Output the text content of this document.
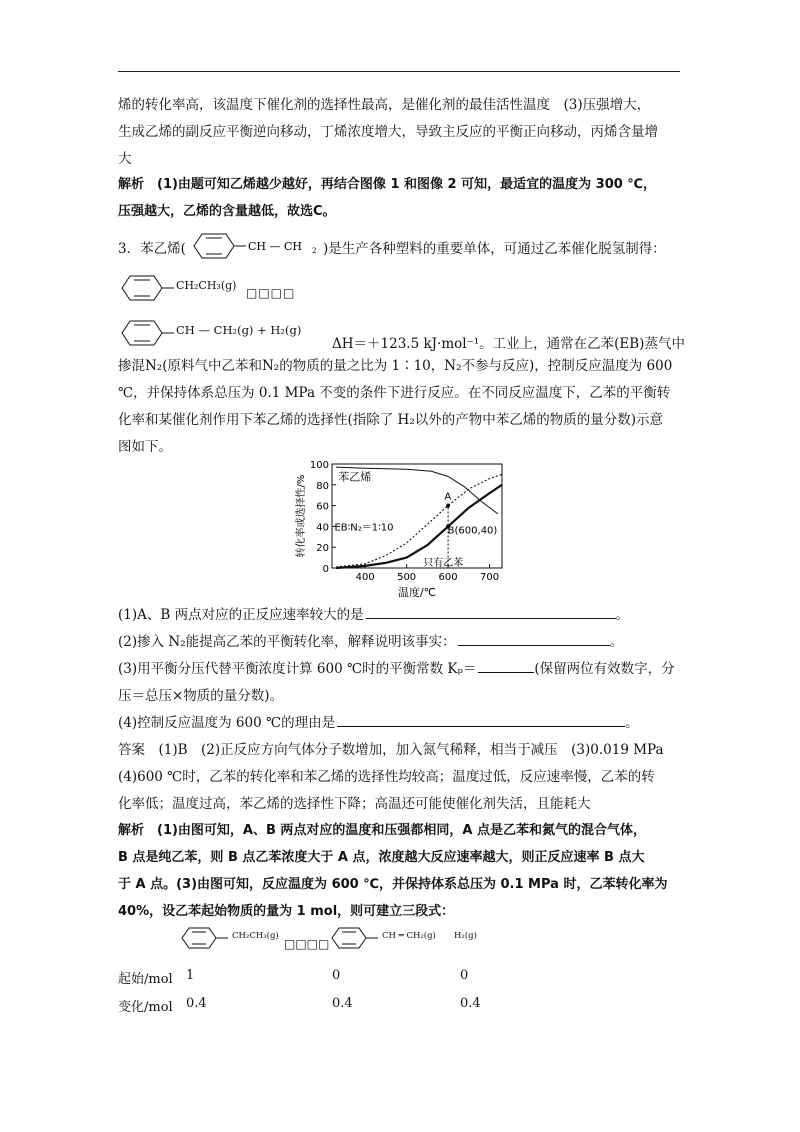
烯的转化率高，该温度下催化剂的选择性最高，是催化剂的最佳活性温度　(3)压强增大，
生成乙烯的副反应平衡逆向移动，丁烯浓度增大，导致主反应的平衡正向移动，丙烯含量增
大
解析　(1)由题可知乙烯越少越好，再结合图像 1 和图像 2 可知，最适宜的温度为 300 ℃，
压强越大，乙烯的含量越低，故选C。
3．苯乙烯(	CH — CH 2 )是生产各种塑料的重要单体，可通过乙苯催化脱氢制得：
CH₂CH₃(g)
□□□□
CH — CH₂(g) + H₂(g)
ΔH＝＋123.5 kJ·mol⁻¹。工业上，通常在乙苯(EB)蒸气中
掺混N₂(原料气中乙苯和N₂的物质的量之比为 1∶10，N₂不参与反应)，控制反应温度为 600
℃，并保持体系总压为 0.1 MPa 不变的条件下进行反应。在不同反应温度下，乙苯的平衡转
化率和某催化剂作用下苯乙烯的选择性(指除了 H₂以外的产物中苯乙烯的物质的量分数)示意
图如下。
0
20
40
60
80
100
400 500 600 700
苯乙烯
EB∶N₂＝1∶10
只有乙苯
A
B(600,40)
温度/℃
转化率或选择性/%
(1)A、B 两点对应的正反应速率较大的是	。
(2)掺入 N₂能提高乙苯的平衡转化率，解释说明该事实：	。
(3)用平衡分压代替平衡浓度计算 600 ℃时的平衡常数 Kₚ＝	(保留两位有效数字，分
压＝总压×物质的量分数)。
(4)控制反应温度为 600 ℃的理由是	。
答案　(1)B　(2)正反应方向气体分子数增加，加入氮气稀释，相当于减压　(3)0.019 MPa
(4)600 ℃时，乙苯的转化率和苯乙烯的选择性均较高；温度过低，反应速率慢，乙苯的转
化率低；温度过高，苯乙烯的选择性下降；高温还可能使催化剂失活，且能耗大
解析　(1)由图可知，A、B 两点对应的温度和压强都相同，A 点是乙苯和氮气的混合气体，
B 点是纯乙苯，则 B 点乙苯浓度大于 A 点，浓度越大反应速率越大，则正反应速率 B 点大
于 A 点。(3)由图可知，反应温度为 600 ℃，并保持体系总压为 0.1 MPa 时，乙苯转化率为
40%，设乙苯起始物质的量为 1 mol，则可建立三段式：
CH₂CH₃(g)
□□□□
CH ═ CH₂(g) H₂(g)
起始/mol 1	0	0
变化/mol 0.4	0.4	0.4
